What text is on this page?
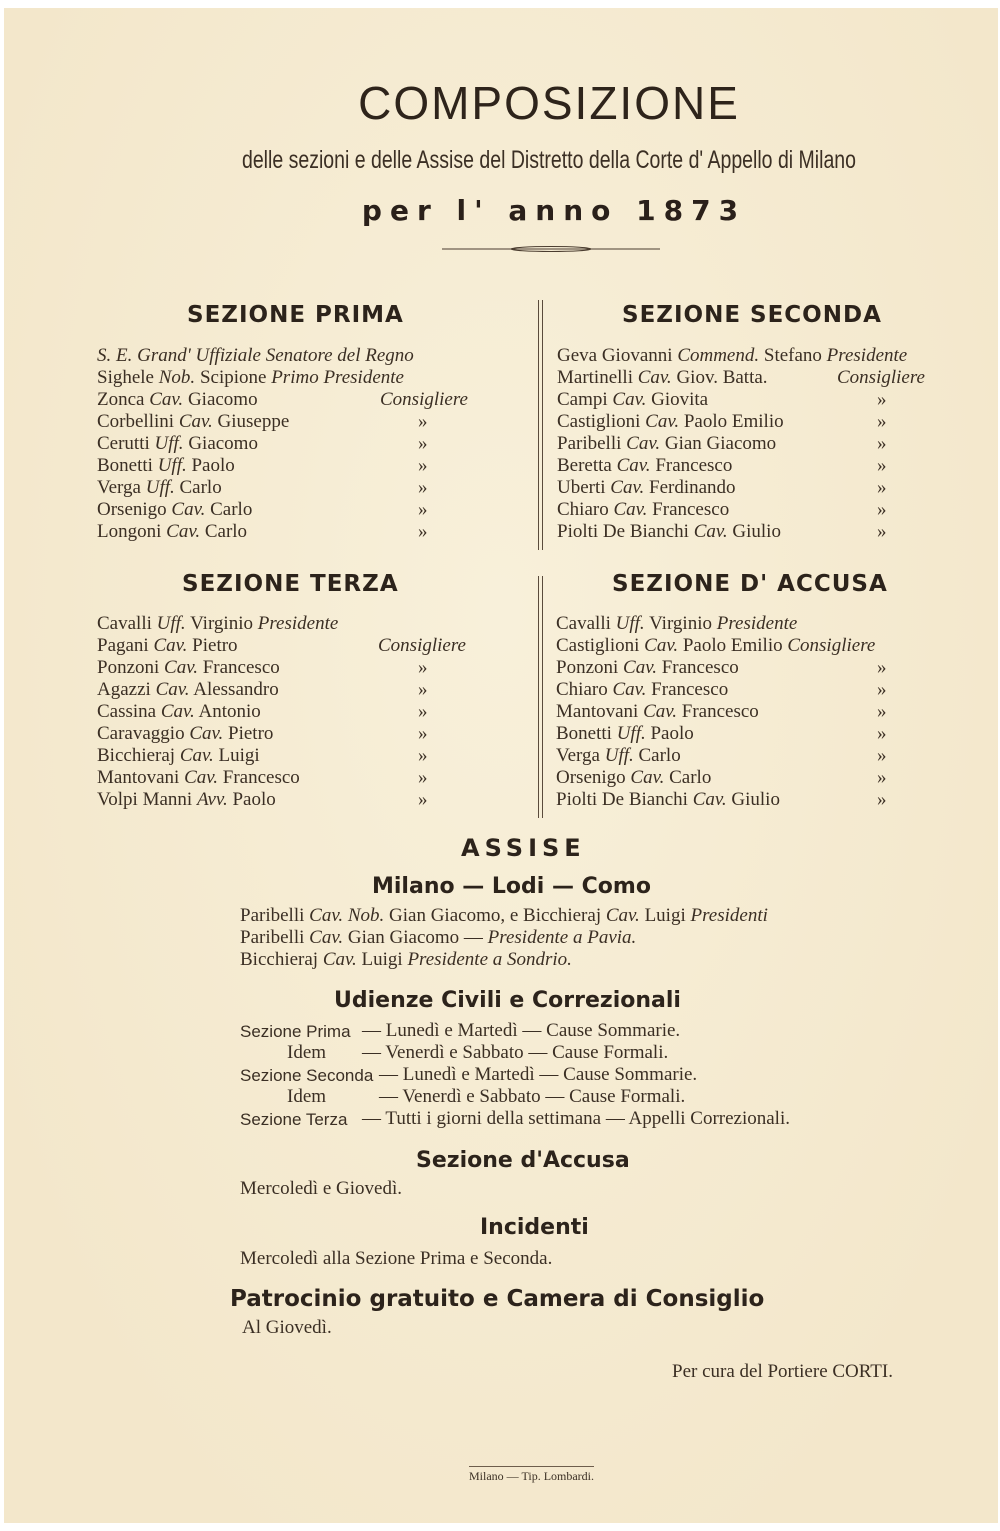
COMPOSIZIONE
delle sezioni e delle Assise del Distretto della Corte d' Appello di Milano
per l' anno 1873
SEZIONE PRIMA
S. E. Grand' Uffiziale Senatore del Regno
Sighele Nob. Scipione Primo Presidente
Zonca Cav. Giacomo	Consigliere
Corbellini Cav. Giuseppe	»
Cerutti Uff. Giacomo	»
Bonetti Uff. Paolo	»
Verga Uff. Carlo	»
Orsenigo Cav. Carlo	»
Longoni Cav. Carlo	»
SEZIONE SECONDA
Geva Giovanni Commend. Stefano Presidente
Martinelli Cav. Giov. Batta.	Consigliere
Campi Cav. Giovita	»
Castiglioni Cav. Paolo Emilio	»
Paribelli Cav. Gian Giacomo	»
Beretta Cav. Francesco	»
Uberti Cav. Ferdinando	»
Chiaro Cav. Francesco	»
Piolti De Bianchi Cav. Giulio	»
SEZIONE TERZA
Cavalli Uff. Virginio Presidente
Pagani Cav. Pietro	Consigliere
Ponzoni Cav. Francesco	»
Agazzi Cav. Alessandro	»
Cassina Cav. Antonio	»
Caravaggio Cav. Pietro	»
Bicchieraj Cav. Luigi	»
Mantovani Cav. Francesco	»
Volpi Manni Avv. Paolo	»
SEZIONE D' ACCUSA
Cavalli Uff. Virginio Presidente
Castiglioni Cav. Paolo Emilio Consigliere
Ponzoni Cav. Francesco	»
Chiaro Cav. Francesco	»
Mantovani Cav. Francesco	»
Bonetti Uff. Paolo	»
Verga Uff. Carlo	»
Orsenigo Cav. Carlo	»
Piolti De Bianchi Cav. Giulio	»
ASSISE
Milano — Lodi — Como
Paribelli Cav. Nob. Gian Giacomo, e Bicchieraj Cav. Luigi Presidenti
Paribelli Cav. Gian Giacomo — Presidente a Pavia.
Bicchieraj Cav. Luigi Presidente a Sondrio.
Udienze Civili e Correzionali
Sezione Prima — Lunedì e Martedì — Cause Sommarie.
Idem — Venerdì e Sabbato — Cause Formali.
Sezione Seconda — Lunedì e Martedì — Cause Sommarie.
Idem	— Venerdì e Sabbato — Cause Formali.
Sezione Terza — Tutti i giorni della settimana — Appelli Correzionali.
Sezione d'Accusa
Mercoledì e Giovedì.
Incidenti
Mercoledì alla Sezione Prima e Seconda.
Patrocinio gratuito e Camera di Consiglio
Al Giovedì.
Per cura del Portiere CORTI.
Milano — Tip. Lombardi.
